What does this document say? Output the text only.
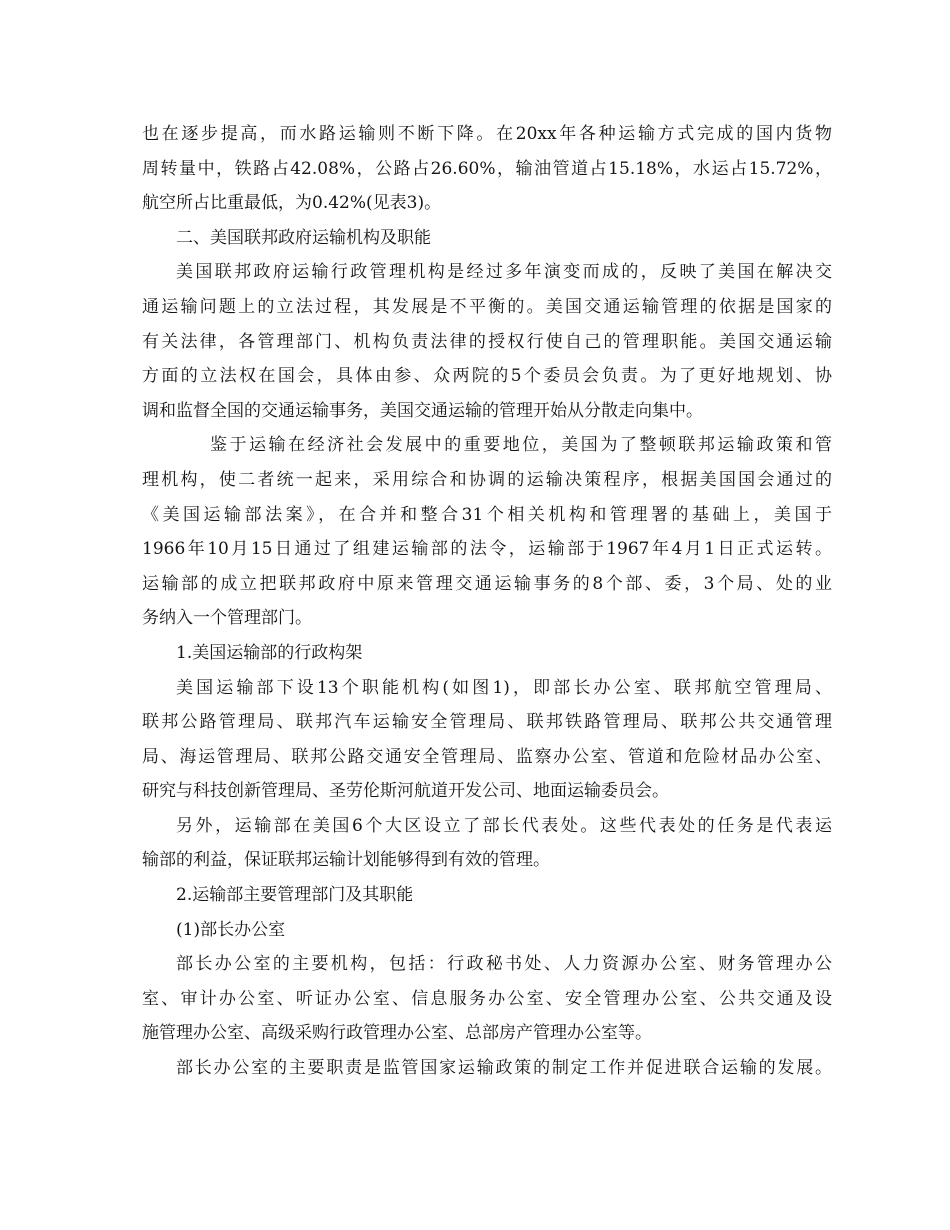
也在逐步提高，而水路运输则不断下降。在20xx年各种运输方式完成的国内货物
周转量中，铁路占42.08%，公路占26.60%，输油管道占15.18%，水运占15.72%，
航空所占比重最低，为0.42%(见表3)。
二、美国联邦政府运输机构及职能
美国联邦政府运输行政管理机构是经过多年演变而成的，反映了美国在解决交
通运输问题上的立法过程，其发展是不平衡的。美国交通运输管理的依据是国家的
有关法律，各管理部门、机构负责法律的授权行使自己的管理职能。美国交通运输
方面的立法权在国会，具体由参、众两院的5个委员会负责。为了更好地规划、协
调和监督全国的交通运输事务，美国交通运输的管理开始从分散走向集中。
鉴于运输在经济社会发展中的重要地位，美国为了整顿联邦运输政策和管
理机构，使二者统一起来，采用综合和协调的运输决策程序，根据美国国会通过的
《美国运输部法案》，在合并和整合31个相关机构和管理署的基础上，美国于
1966年10月15日通过了组建运输部的法令，运输部于1967年4月1日正式运转。
运输部的成立把联邦政府中原来管理交通运输事务的8个部、委，3个局、处的业
务纳入一个管理部门。
1.美国运输部的行政构架
美国运输部下设13个职能机构(如图1)，即部长办公室、联邦航空管理局、
联邦公路管理局、联邦汽车运输安全管理局、联邦铁路管理局、联邦公共交通管理
局、海运管理局、联邦公路交通安全管理局、监察办公室、管道和危险材品办公室、
研究与科技创新管理局、圣劳伦斯河航道开发公司、地面运输委员会。
另外，运输部在美国6个大区设立了部长代表处。这些代表处的任务是代表运
输部的利益，保证联邦运输计划能够得到有效的管理。
2.运输部主要管理部门及其职能
(1)部长办公室
部长办公室的主要机构，包括：行政秘书处、人力资源办公室、财务管理办公
室、审计办公室、听证办公室、信息服务办公室、安全管理办公室、公共交通及设
施管理办公室、高级采购行政管理办公室、总部房产管理办公室等。
部长办公室的主要职责是监管国家运输政策的制定工作并促进联合运输的发展。
